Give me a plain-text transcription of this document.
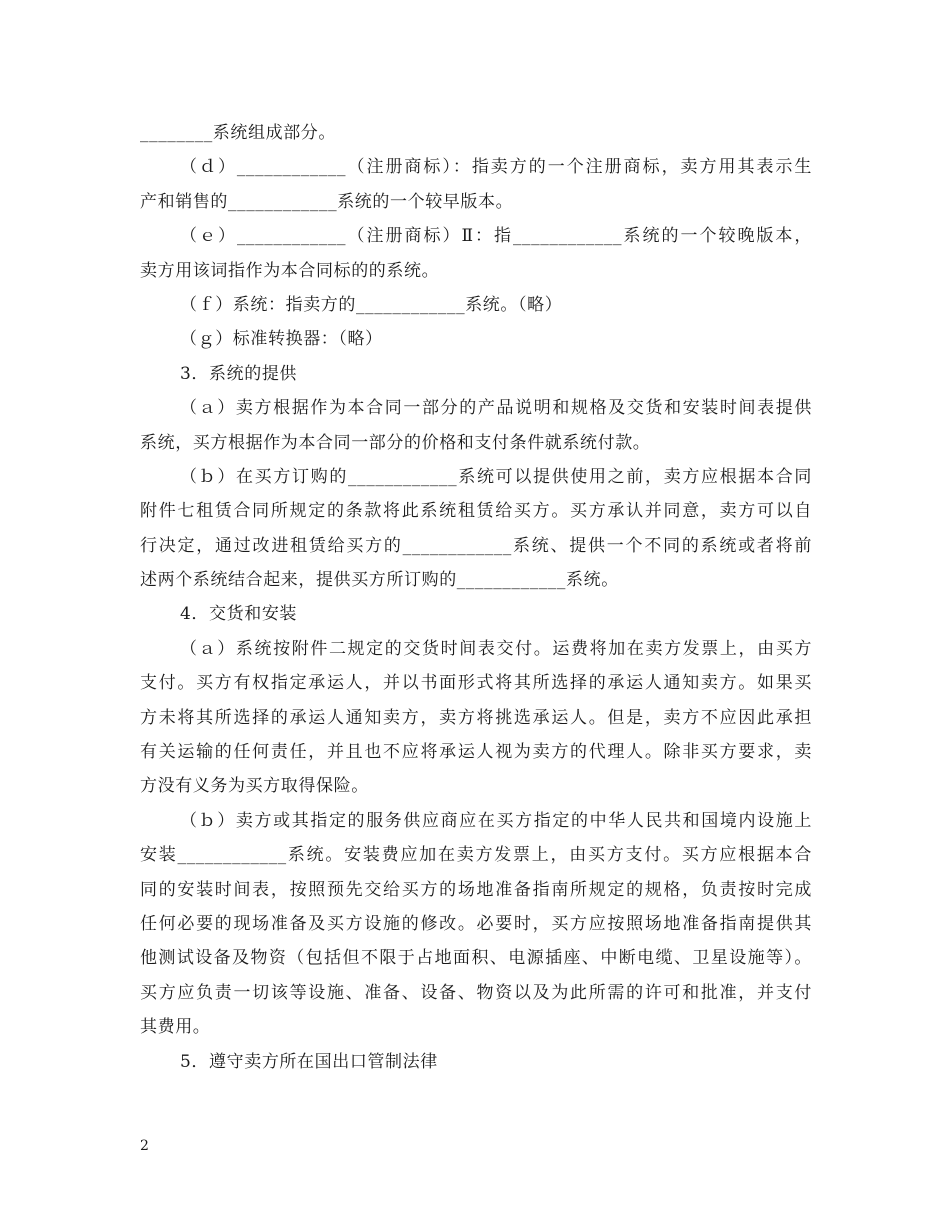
________系统组成部分。
（ｄ）____________（注册商标）：指卖方的一个注册商标，卖方用其表示生
产和销售的____________系统的一个较早版本。
（ｅ）____________（注册商标）Ⅱ：指____________系统的一个较晚版本，
卖方用该词指作为本合同标的的系统。
（ｆ）系统：指卖方的____________系统。（略）
（ｇ）标准转换器：（略）
3．系统的提供
（ａ）卖方根据作为本合同一部分的产品说明和规格及交货和安装时间表提供
系统，买方根据作为本合同一部分的价格和支付条件就系统付款。
（ｂ）在买方订购的____________系统可以提供使用之前，卖方应根据本合同
附件七租赁合同所规定的条款将此系统租赁给买方。买方承认并同意，卖方可以自
行决定，通过改进租赁给买方的____________系统、提供一个不同的系统或者将前
述两个系统结合起来，提供买方所订购的____________系统。
4．交货和安装
（ａ）系统按附件二规定的交货时间表交付。运费将加在卖方发票上，由买方
支付。买方有权指定承运人，并以书面形式将其所选择的承运人通知卖方。如果买
方未将其所选择的承运人通知卖方，卖方将挑选承运人。但是，卖方不应因此承担
有关运输的任何责任，并且也不应将承运人视为卖方的代理人。除非买方要求，卖
方没有义务为买方取得保险。
（ｂ）卖方或其指定的服务供应商应在买方指定的中华人民共和国境内设施上
安装____________系统。安装费应加在卖方发票上，由买方支付。买方应根据本合
同的安装时间表，按照预先交给买方的场地准备指南所规定的规格，负责按时完成
任何必要的现场准备及买方设施的修改。必要时，买方应按照场地准备指南提供其
他测试设备及物资（包括但不限于占地面积、电源插座、中断电缆、卫星设施等）。
买方应负责一切该等设施、准备、设备、物资以及为此所需的许可和批准，并支付
其费用。
5．遵守卖方所在国出口管制法律
2
